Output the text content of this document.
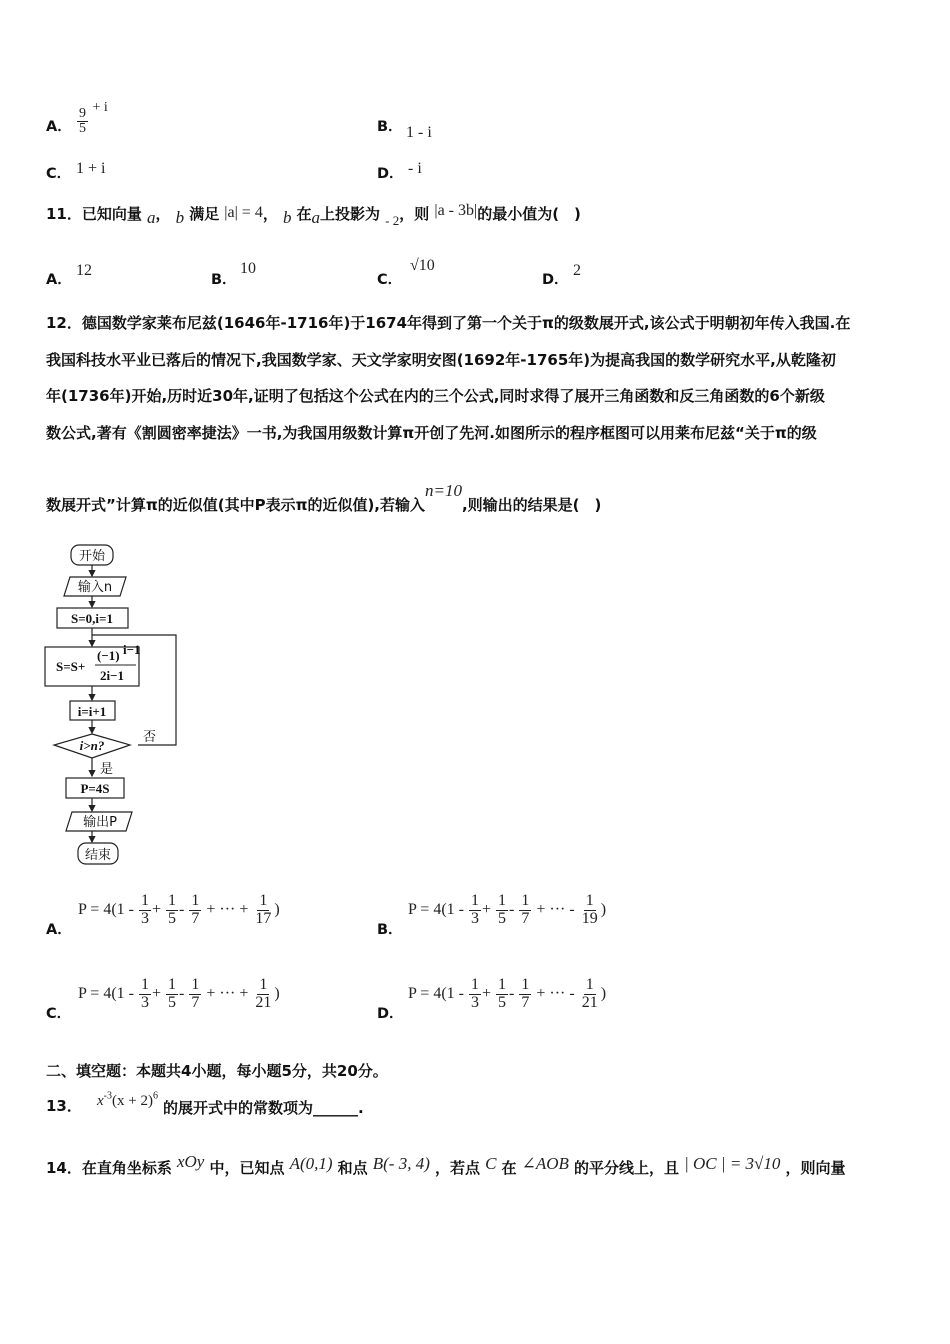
A． $\frac{9}{5} + i$
B． 1 - i
C． 1 + i	D． - i
11．已知向量 a， b 满足 |a| = 4， b 在a上投影为 $_{- 2}$，则 |a - 3b|的最小值为(　)
A．
12
B．
10
C．
√10
D．
2
12．德国数学家莱布尼兹(1646年-1716年)于1674年得到了第一个关于π的级数展开式,该公式于明朝初年传入我国.在
我国科技水平业已落后的情况下,我国数学家、天文学家明安图(1692年-1765年)为提高我国的数学研究水平,从乾隆初
年(1736年)开始,历时近30年,证明了包括这个公式在内的三个公式,同时求得了展开三角函数和反三角函数的6个新级
数公式,著有《割圆密率捷法》一书,为我国用级数计算π开创了先河.如图所示的程序框图可以用莱布尼兹“关于π的级
数展开式”计算π的近似值(其中P表示π的近似值),若输入n=10,则输出的结果是(　)
开始
输入n
S=0,i=1
S=S+
(−1) i−1
2i−1
i=i+1
i>n?
否
是
P=4S
输出P
结束
A．
$P = 4(1 - \frac{1}{3} + \frac{1}{5} - \frac{1}{7}$ + ··· + $\frac{1}{17}$ )
B．
$P = 4(1 - \frac{1}{3} + \frac{1}{5} - \frac{1}{7}$ + ··· - $\frac{1}{19}$ )
C．
$P = 4(1 - \frac{1}{3} + \frac{1}{5} - \frac{1}{7}$ + ··· + $\frac{1}{21}$ )
D．
$P = 4(1 - \frac{1}{3} + \frac{1}{5} - \frac{1}{7}$ + ··· - $\frac{1}{21}$ )
二、填空题：本题共4小题，每小题5分，共20分。
13． $x^{-3}(x + 2)^6$ 的展开式中的常数项为______.
14．在直角坐标系 xOy 中，已知点 A(0,1) 和点 B(- 3, 4) ，若点 C 在 ∠AOB 的平分线上，且 | OC | = 3√10 ，则向量
